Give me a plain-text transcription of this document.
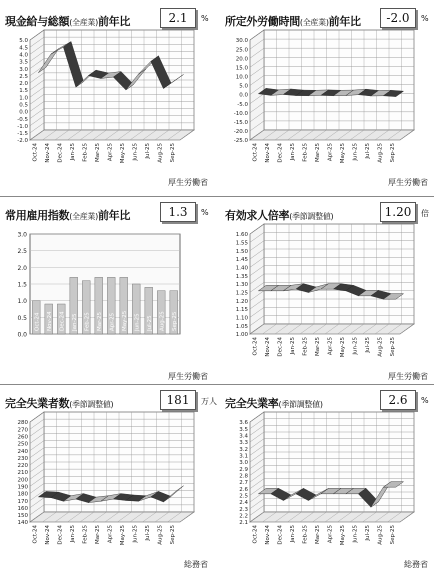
現金給与総額(全産業)前年比	2.1	%
5.0
4.5
4.0
3.5
3.0
2.5
2.0
1.5
1.0
0.5
0.0
-0.5
-1.0
-1.5
-2.0
Oct-24 Nov-24 Dec-24 Jan-25 Feb-25 Mar-25 Apr-25 May-25 Jun-25 Jul-25 Aug-25 Sep-25
厚生労働省
所定外労働時間(全産業)前年比	-2.0	%
30.0
25.0
20.0
15.0
10.0
5.0
0.0
-5.0
-10.0
-15.0
-20.0
-25.0
Oct-24 Nov-24 Dec-24 Jan-25 Feb-25 Mar-25 Apr-25 May-25 Jun-25 Jul-25 Aug-25 Sep-25
厚生労働省
常用雇用指数(全産業)前年比	1.3	%
3.0
2.5
2.0
1.5
1.0
0.5
0.0
Oct-24 Nov-24 Dec-24 Jan-25 Feb-25 Mar-25 Apr-25 May-25 Jun-25 Jul-25 Aug-25 Sep-25
厚生労働省
有効求人倍率(季節調整値)	1.20	倍
1.60
1.55
1.50
1.45
1.40
1.35
1.30
1.25
1.20
1.15
1.10
1.05
1.00
Oct-24 Nov-24 Dec-24 Jan-25 Feb-25 Mar-25 Apr-25 May-25 Jun-25 Jul-25 Aug-25 Sep-25
厚生労働省
完全失業者数(季節調整値)	181	万人
280
270
260
250
240
230
220
210
200
190
180
170
160
150
140
Oct-24 Nov-24 Dec-24 Jan-25 Feb-25 Mar-25 Apr-25 May-25 Jun-25 Jul-25 Aug-25 Sep-25
総務省
完全失業率(季節調整値)	2.6	%
3.6
3.5
3.4
3.3
3.2
3.1
3.0
2.9
2.8
2.7
2.6
2.5
2.4
2.3
2.2
2.1
Oct-24 Nov-24 Dec-24 Jan-25 Feb-25 Mar-25 Apr-25 May-25 Jun-25 Jul-25 Aug-25 Sep-25
総務省
